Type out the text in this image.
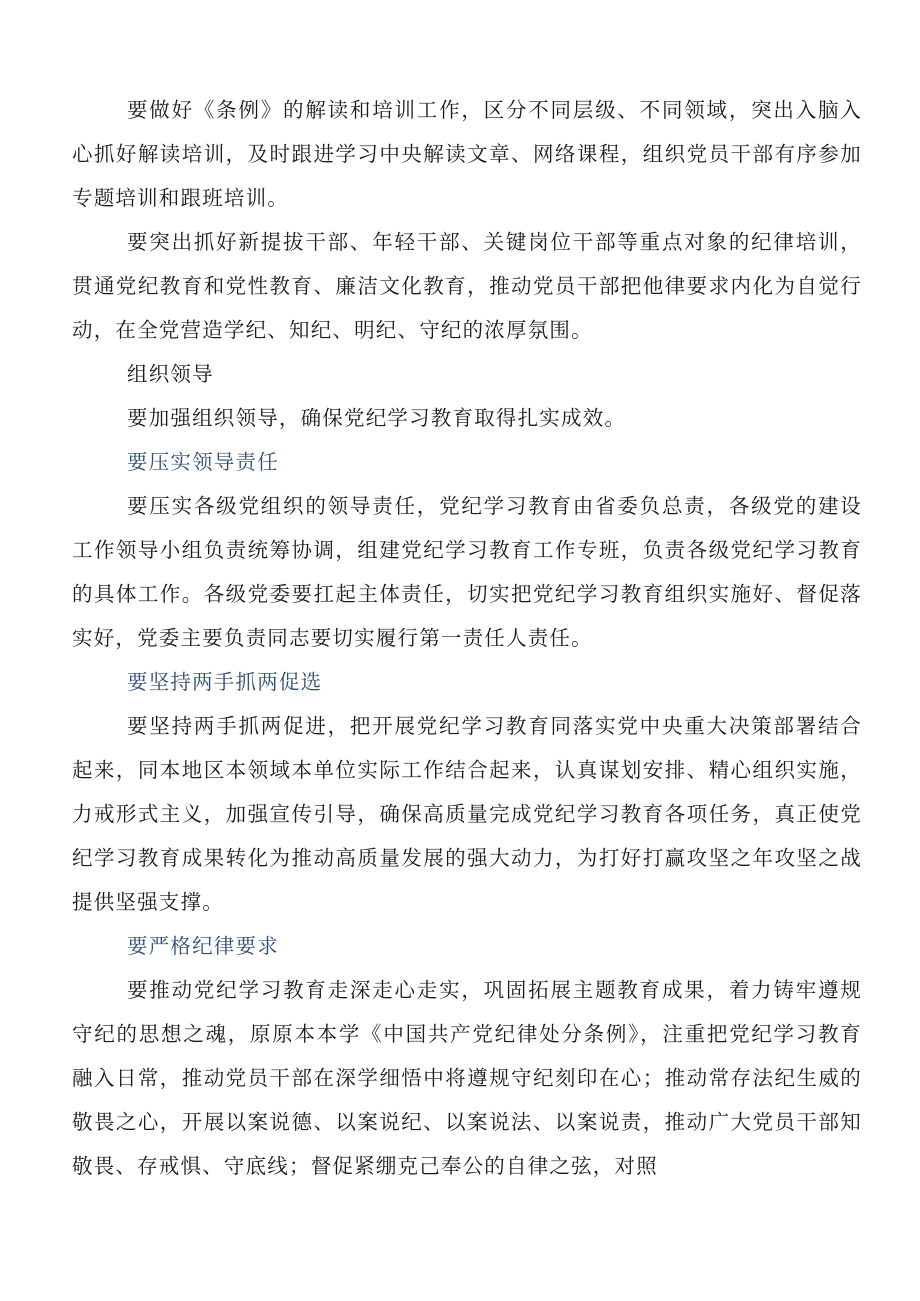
要做好《条例》的解读和培训工作，区分不同层级、不同领域，突出入脑入心抓好解读培训，及时跟进学习中央解读文章、网络课程，组织党员干部有序参加专题培训和跟班培训。

要突出抓好新提拔干部、年轻干部、关键岗位干部等重点对象的纪律培训，贯通党纪教育和党性教育、廉洁文化教育，推动党员干部把他律要求内化为自觉行动，在全党营造学纪、知纪、明纪、守纪的浓厚氛围。

组织领导

要加强组织领导，确保党纪学习教育取得扎实成效。

要压实领导责任

要压实各级党组织的领导责任，党纪学习教育由省委负总责，各级党的建设工作领导小组负责统筹协调，组建党纪学习教育工作专班，负责各级党纪学习教育的具体工作。各级党委要扛起主体责任，切实把党纪学习教育组织实施好、督促落实好，党委主要负责同志要切实履行第一责任人责任。

要坚持两手抓两促选

要坚持两手抓两促进，把开展党纪学习教育同落实党中央重大决策部署结合起来，同本地区本领域本单位实际工作结合起来，认真谋划安排、精心组织实施，力戒形式主义，加强宣传引导，确保高质量完成党纪学习教育各项任务，真正使党纪学习教育成果转化为推动高质量发展的强大动力，为打好打赢攻坚之年攻坚之战提供坚强支撑。

要严格纪律要求

要推动党纪学习教育走深走心走实，巩固拓展主题教育成果，着力铸牢遵规守纪的思想之魂，原原本本学《中国共产党纪律处分条例》，注重把党纪学习教育融入日常，推动党员干部在深学细悟中将遵规守纪刻印在心；推动常存法纪生威的敬畏之心，开展以案说德、以案说纪、以案说法、以案说责，推动广大党员干部知敬畏、存戒惧、守底线；督促紧绷克己奉公的自律之弦，对照
